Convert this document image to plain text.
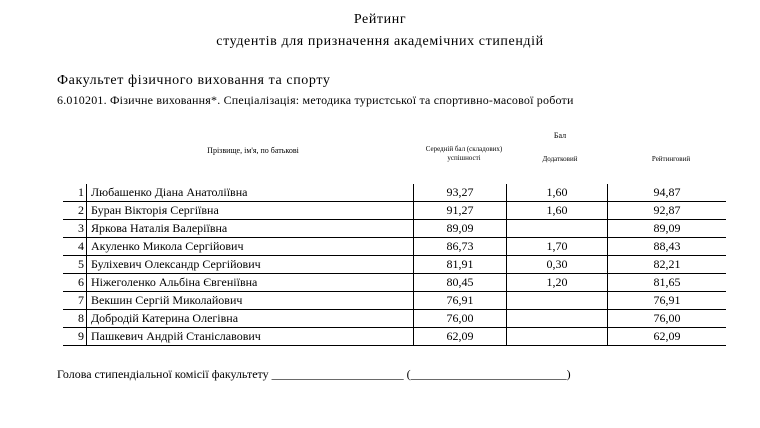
Рейтинг
студентів для призначення академічних стипендій
Факультет фізичного виховання та спорту
6.010201. Фізичне виховання*. Спеціалізація: методика туристської та спортивно-масової роботи
Прізвище, ім'я, по батькові
Бал
Середній бал (складових) успішності	Додатковий	Рейтинговий
1	Любашенко Діана Анатоліївна	93,27	1,60	94,87
2	Буран Вікторія Сергіївна	91,27	1,60	92,87
3	Яркова Наталія Валеріївна	89,09		89,09
4	Акуленко Микола Сергійович	86,73	1,70	88,43
5	Буліхевич Олександр Сергійович	81,91	0,30	82,21
6	Ніжеголенко Альбіна Євгеніївна	80,45	1,20	81,65
7	Векшин Сергій Миколайович	76,91		76,91
8	Добродій Катерина Олегівна	76,00		76,00
9	Пашкевич Андрій Станіславович	62,09		62,09
Голова стипендіальної комісії факультету ______________________ (__________________________)
